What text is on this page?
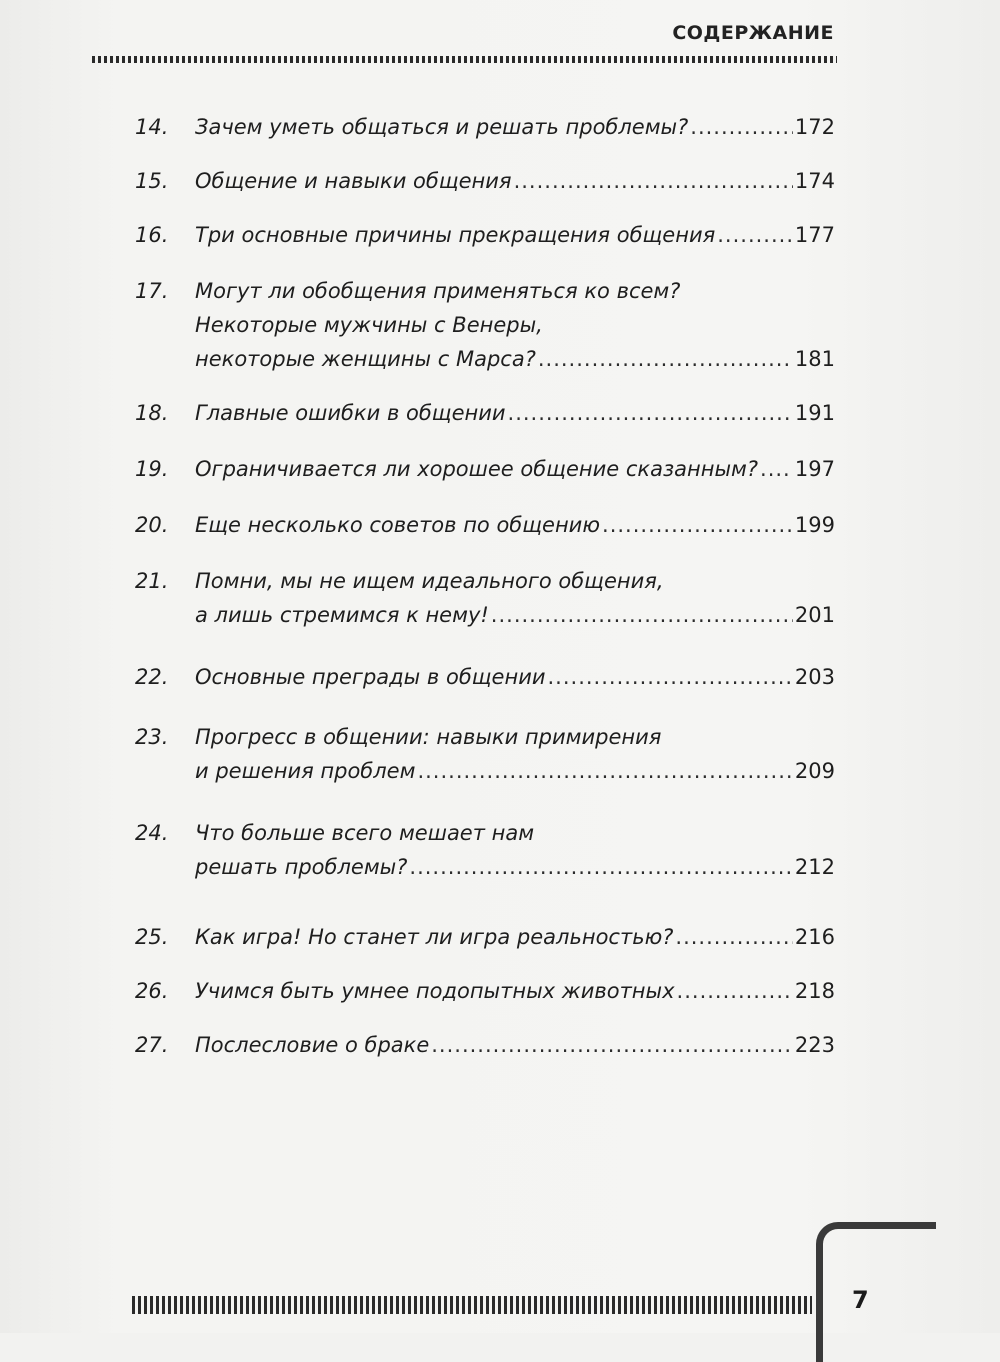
СОДЕРЖАНИЕ
14.	Зачем уметь общаться и решать проблемы? .....	172
15.	Общение и навыки общения .....	174
16.	Три основные причины прекращения общения .....	177
17.	Могут ли обобщения применяться ко всем?
Некоторые мужчины с Венеры,
некоторые женщины с Марса? .....	181
18.	Главные ошибки в общении .....	191
19.	Ограничивается ли хорошее общение сказанным? ..... 197
20.	Еще несколько советов по общению .....	199
21.	Помни, мы не ищем идеального общения,
а лишь стремимся к нему! .....	201
22.	Основные преграды в общении .....	203
23.	Прогресс в общении: навыки примирения
и решения проблем .....	209
24.	Что больше всего мешает нам
решать проблемы? .....	212
25.	Как игра! Но станет ли игра реальностью? .....	216
26.	Учимся быть умнее подопытных животных .....	218
27.	Послесловие о браке .....	223
7
